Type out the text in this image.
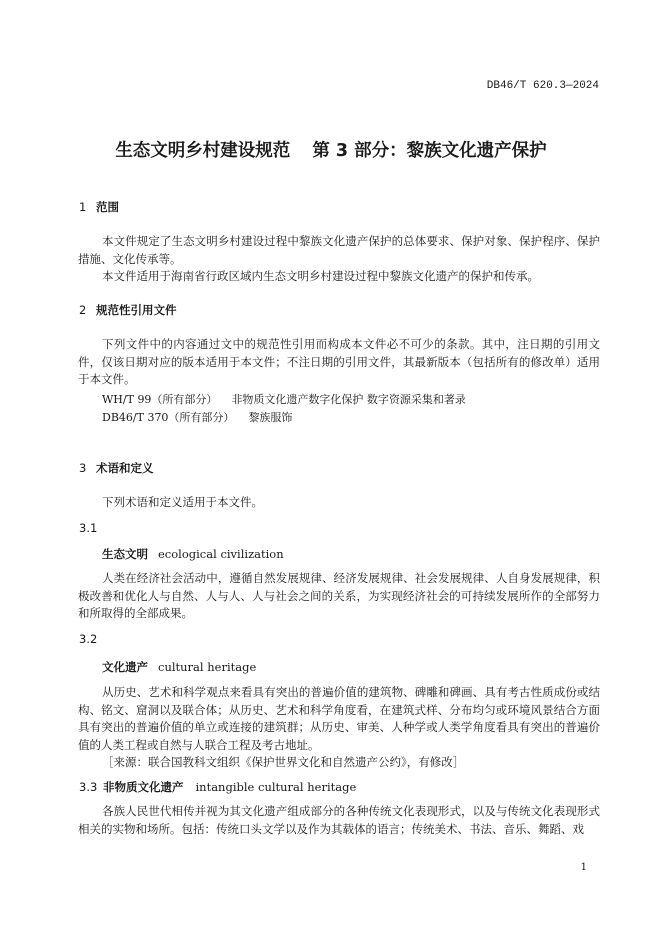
DB46/T 620.3—2024
生态文明乡村建设规范 第 3 部分：黎族文化遗产保护
1 范围
本文件规定了生态文明乡村建设过程中黎族文化遗产保护的总体要求、保护对象、保护程序、保护措施、文化传承等。
本文件适用于海南省行政区域内生态文明乡村建设过程中黎族文化遗产的保护和传承。
2 规范性引用文件
下列文件中的内容通过文中的规范性引用而构成本文件必不可少的条款。其中，注日期的引用文件，仅该日期对应的版本适用于本文件；不注日期的引用文件，其最新版本（包括所有的修改单）适用于本文件。
WH/T 99（所有部分） 非物质文化遗产数字化保护 数字资源采集和著录
DB46/T 370（所有部分） 黎族服饰
3 术语和定义
下列术语和定义适用于本文件。
3.1
生态文明 ecological civilization
人类在经济社会活动中，遵循自然发展规律、经济发展规律、社会发展规律、人自身发展规律，积极改善和优化人与自然、人与人、人与社会之间的关系，为实现经济社会的可持续发展所作的全部努力和所取得的全部成果。
3.2
文化遗产 cultural heritage
从历史、艺术和科学观点来看具有突出的普遍价值的建筑物、碑雕和碑画、具有考古性质成份或结构、铭文、窟洞以及联合体；从历史、艺术和科学角度看，在建筑式样、分布均匀或环境风景结合方面具有突出的普遍价值的单立或连接的建筑群；从历史、审美、人种学或人类学角度看具有突出的普遍价值的人类工程或自然与人联合工程及考古地址。
［来源：联合国教科文组织《保护世界文化和自然遗产公约》，有修改］
3.3 非物质文化遗产 intangible cultural heritage
各族人民世代相传并视为其文化遗产组成部分的各种传统文化表现形式，以及与传统文化表现形式相关的实物和场所。包括：传统口头文学以及作为其载体的语言；传统美术、书法、音乐、舞蹈、戏
1
